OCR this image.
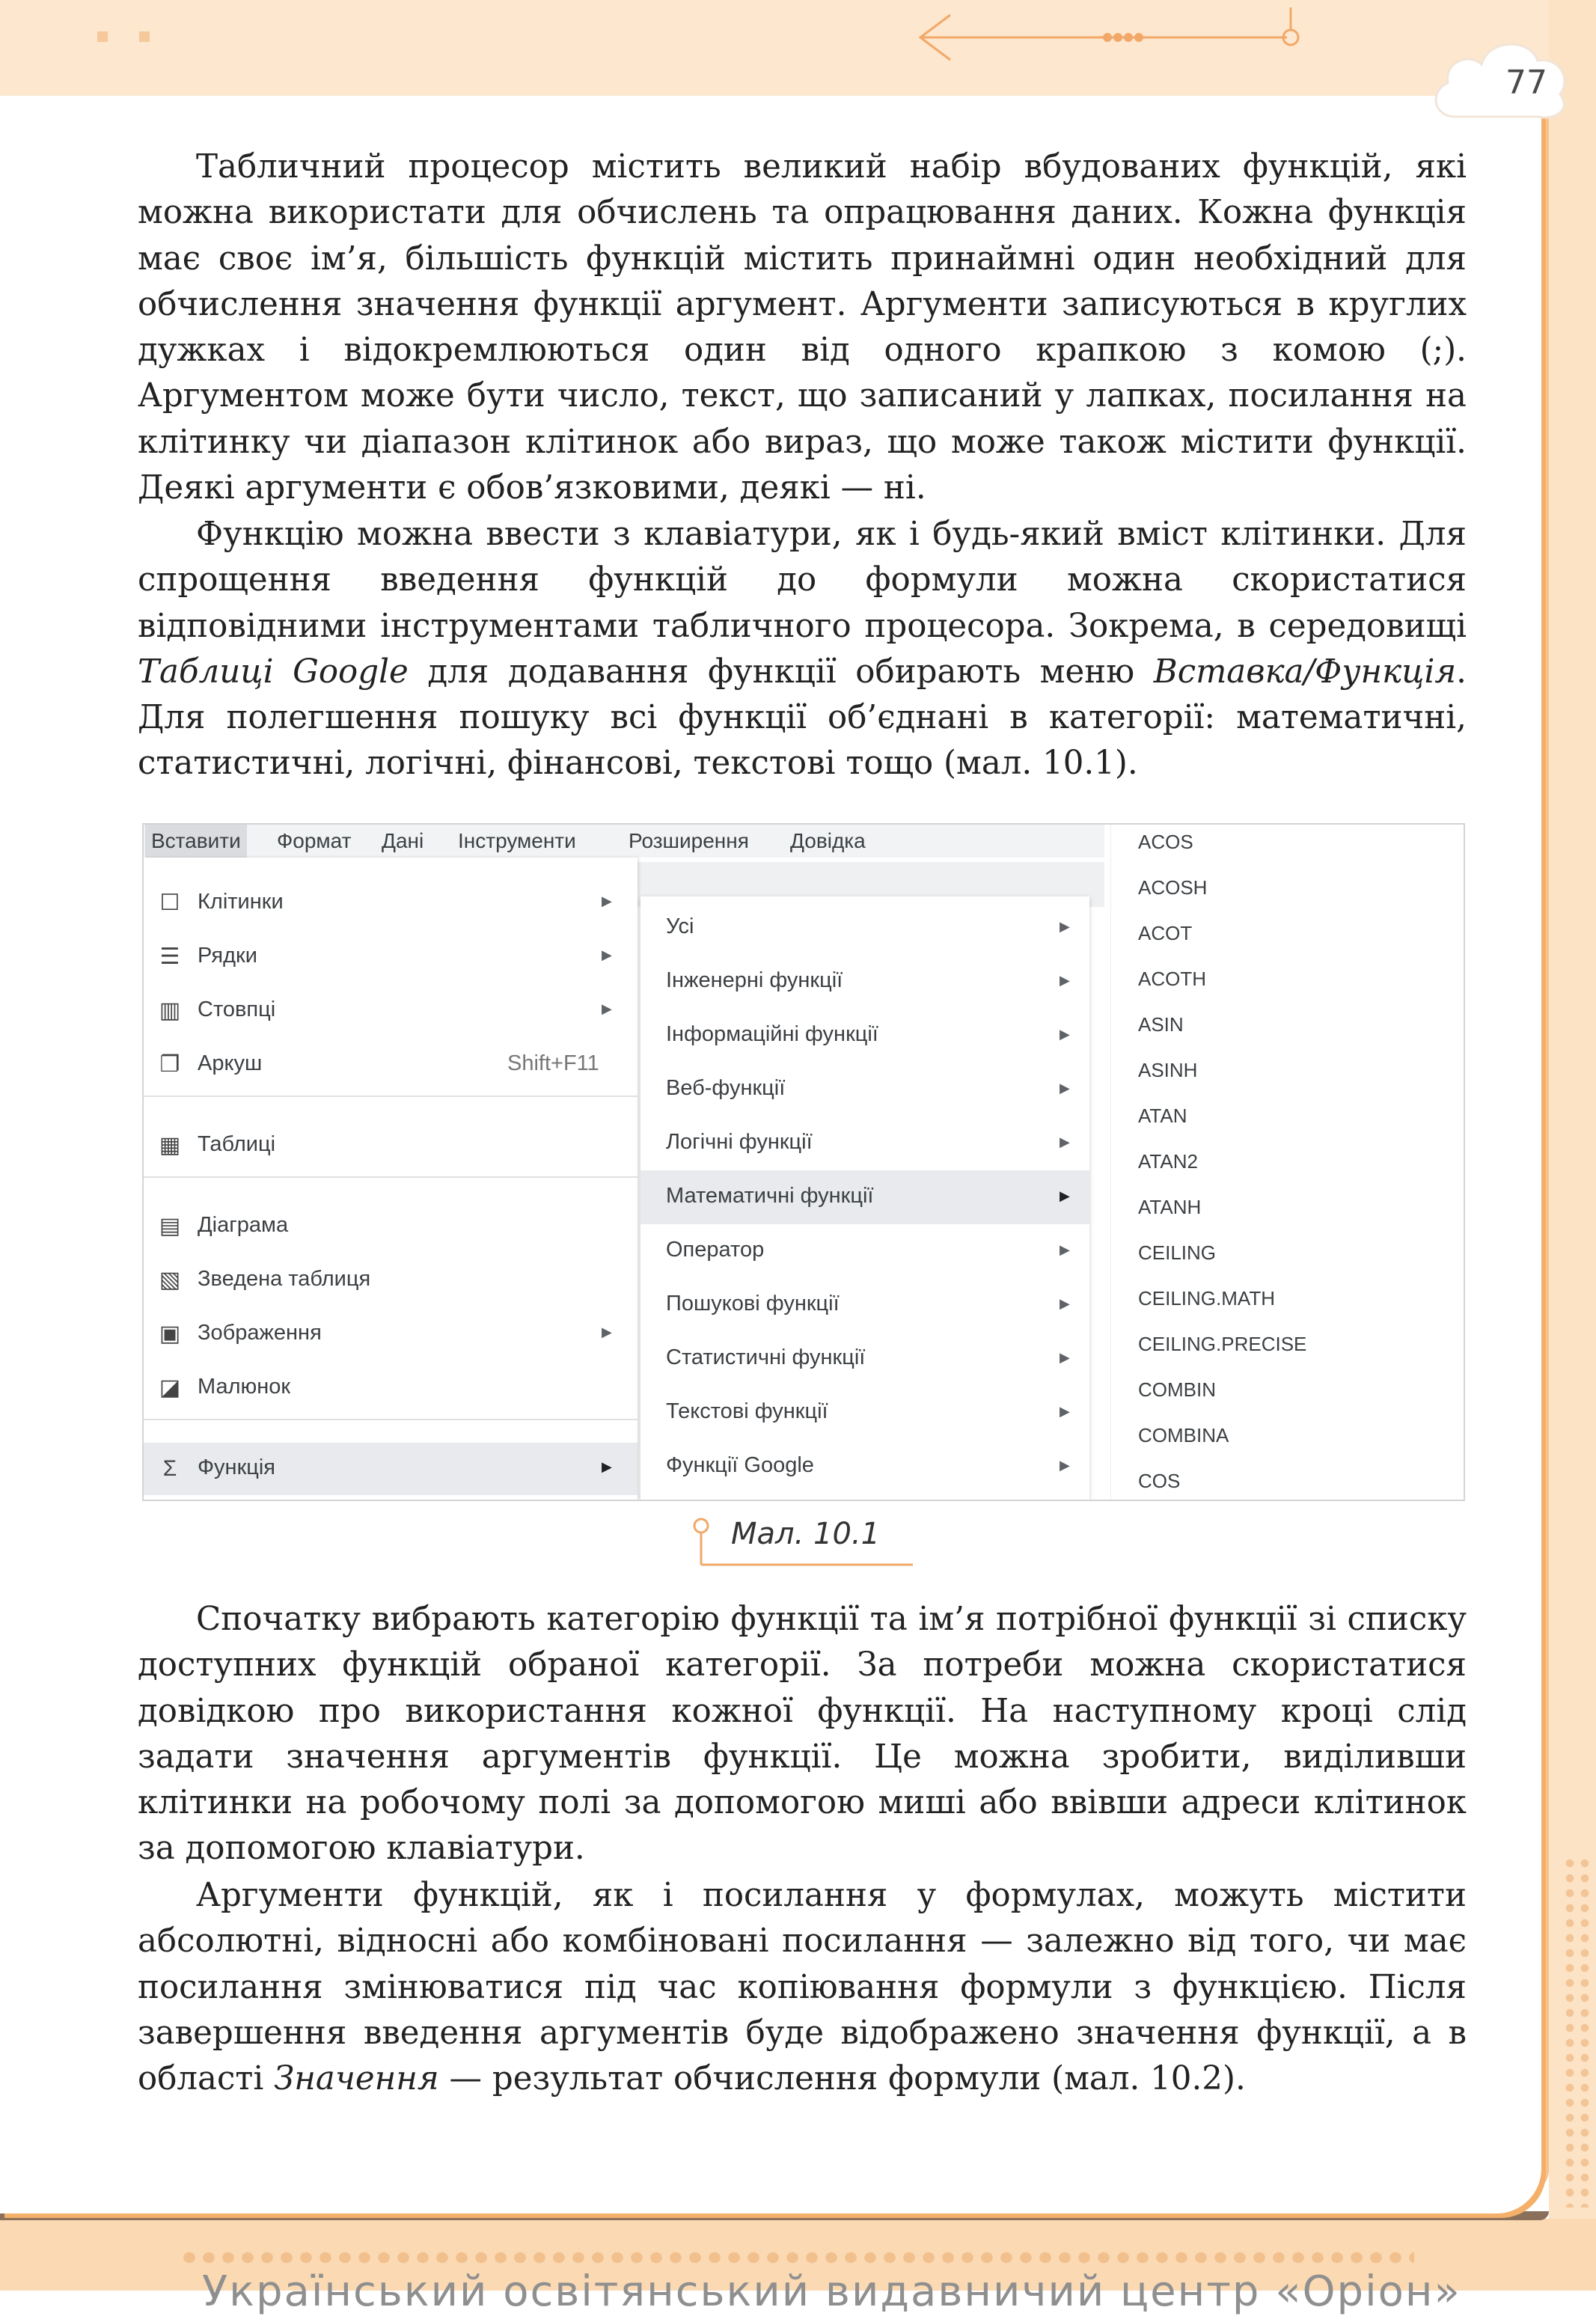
77

Табличний процесор містить великий набір вбудованих функцій, які можна використати для обчислень та опрацювання даних. Кожна функція має своє ім’я, більшість функцій містить принаймні один необхідний для обчислення значення функції аргумент. Аргументи записуються в круглих дужках і відокремлюються один від одного крапкою з комою (;). Аргументом може бути число, текст, що записаний у лапках, посилання на клітинку чи діапазон клітинок або вираз, що може також містити функції. Деякі аргументи є обов’язковими, деякі — ні.

Функцію можна ввести з клавіатури, як і будь-який вміст клітинки. Для спрощення введення функцій до формули можна скористатися відповідними інструментами табличного процесора. Зокрема, в середовищі Таблиці Google для додавання функції обирають меню Вставка/Функція. Для полегшення пошуку всі функції об’єднані в категорії: математичні, статистичні, логічні, фінансові, текстові тощо (мал. 10.1).

Вставити Формат Дані Інструменти	Розширення Довідка
☐ Клітинки	▶
☰ Рядки	▶
▥ Стовпці	▶
❐ Аркуш	Shift+F11
▦ Таблиці
▤ Діаграма
▧ Зведена таблиця
▣ Зображення	▶
◪ Малюнок
Σ Функція	▶
Усі	▶
Інженерні функції	▶
Інформаційні функції	▶
Веб-функції	▶
Логічні функції	▶
Математичні функції	▶
Оператор	▶
Пошукові функції	▶
Статистичні функції	▶
Текстові функції	▶
Функції Google	▶
ACOS
ACOSH
ACOT
ACOTH
ASIN
ASINH
ATAN
ATAN2
ATANH
CEILING
CEILING.MATH
CEILING.PRECISE
COMBIN
COMBINA
COS
Мал. 10.1

Спочатку вибрають категорію функції та ім’я потрібної функції зі списку доступних функцій обраної категорії. За потреби можна скористатися довідкою про використання кожної функції. На наступному кроці слід задати значення аргументів функції. Це можна зробити, виділивши клітинки на робочому полі за допомогою миші або ввівши адреси клітинок за допомогою клавіатури.

Аргументи функцій, як і посилання у формулах, можуть містити абсолютні, відносні або комбіновані посилання — залежно від того, чи має посилання змінюватися під час копіювання формули з функцією. Після завершення введення аргументів буде відображено значення функції, а в області Значення — результат обчислення формули (мал. 10.2).

Український освітянський видавничий центр «Оріон»
